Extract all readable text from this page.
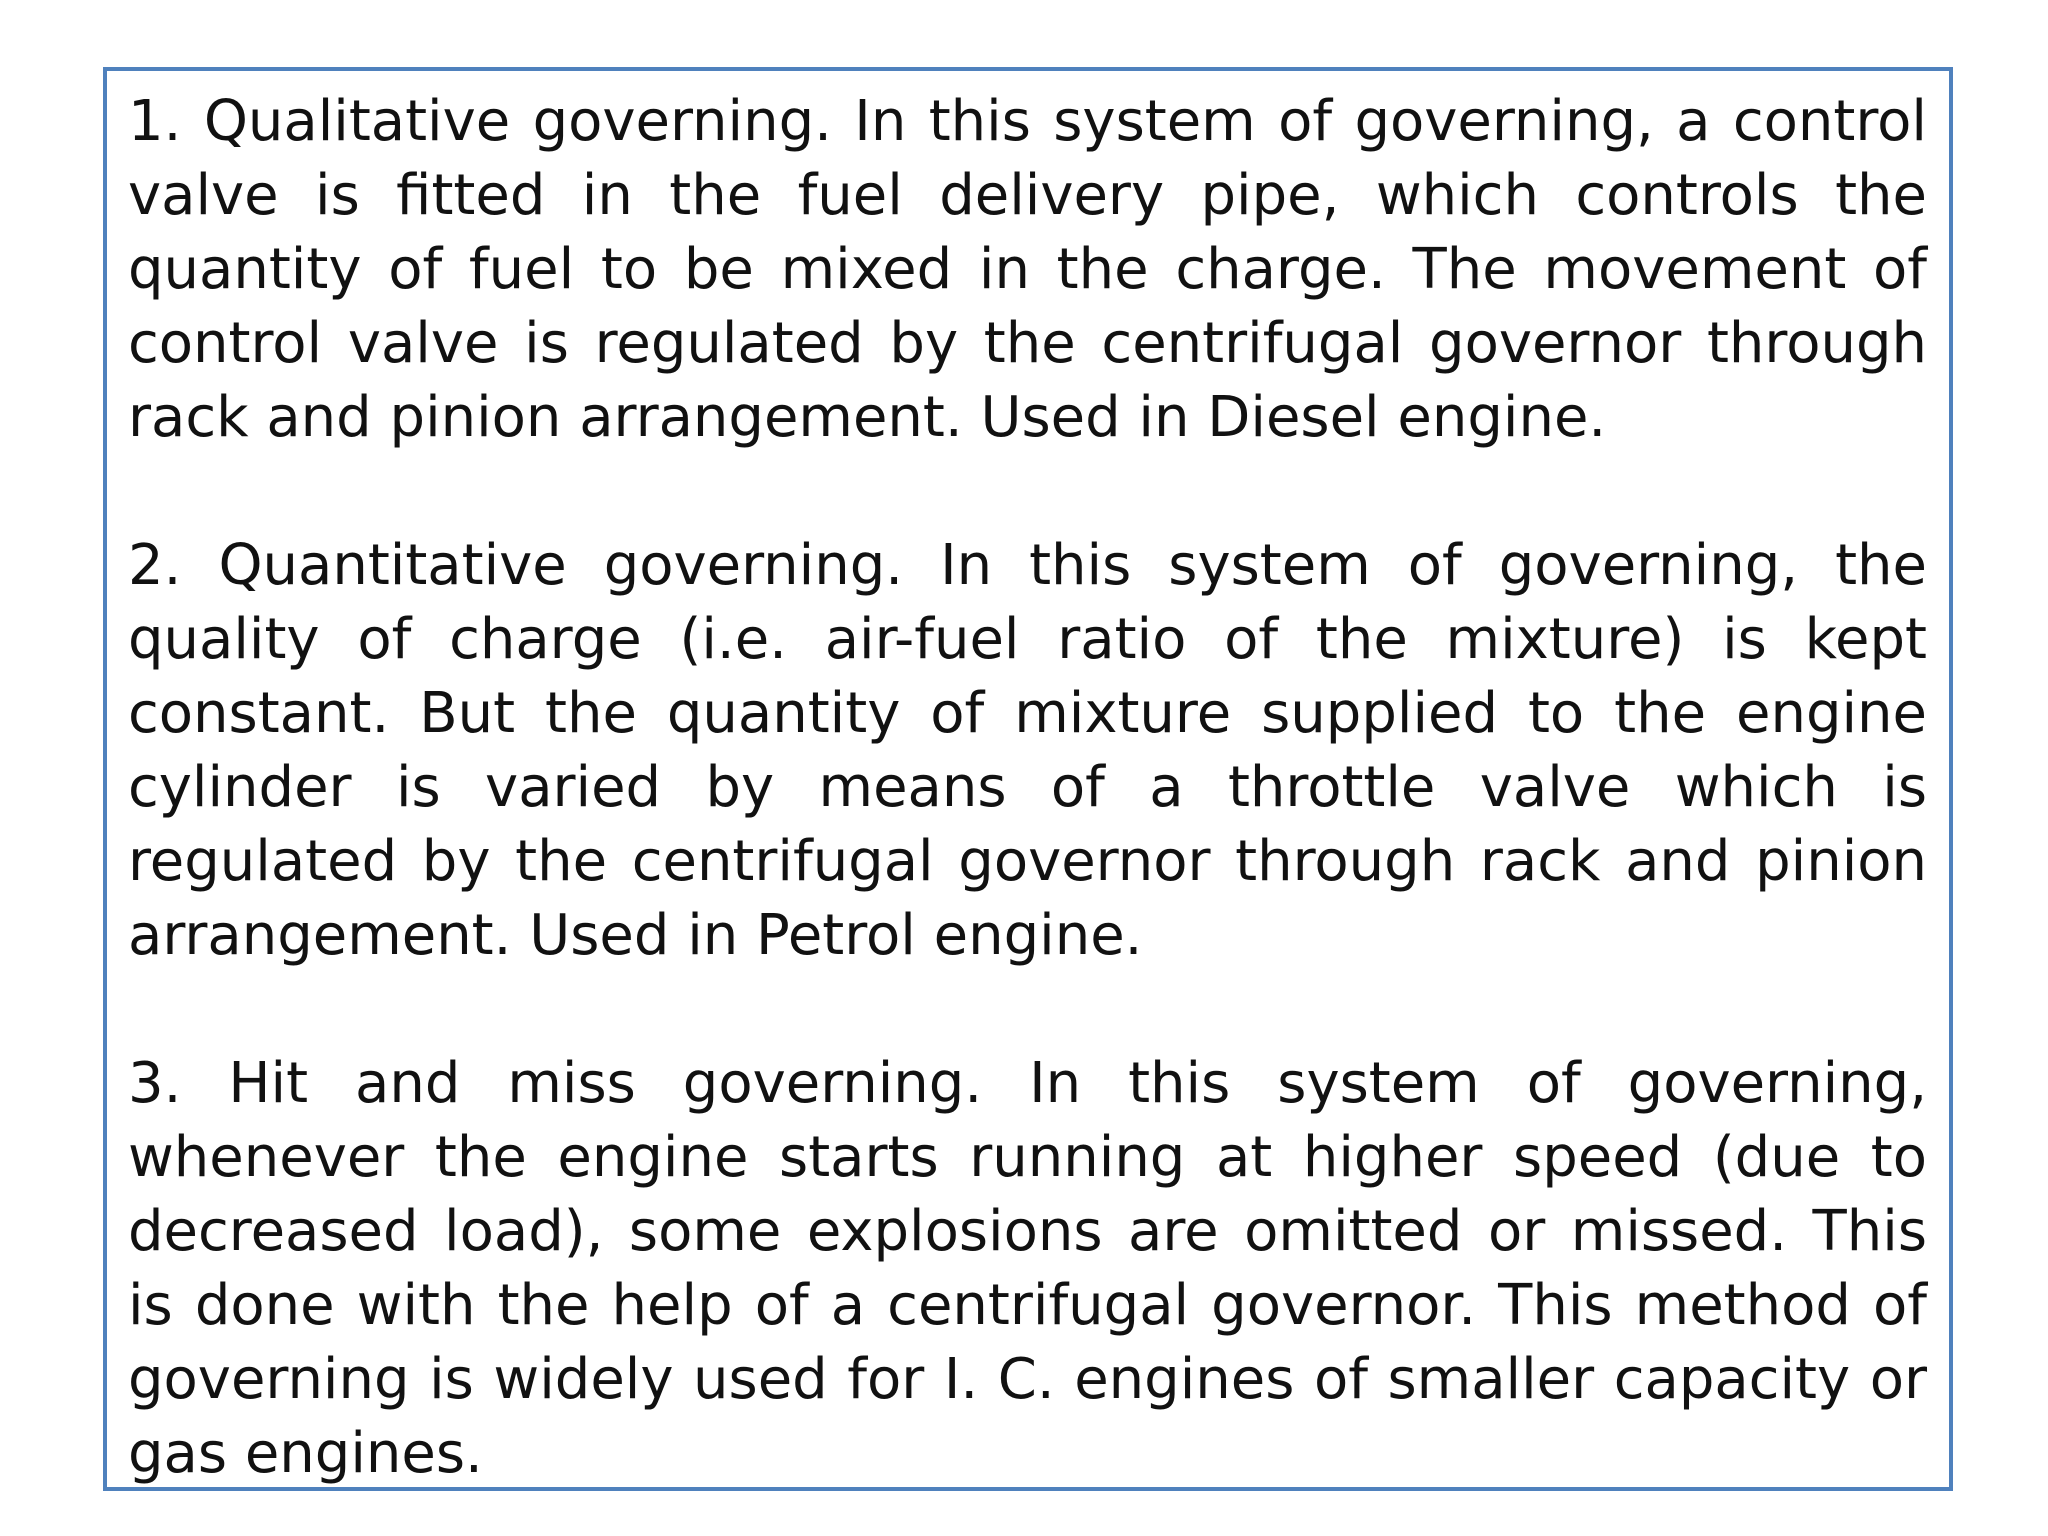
1. Qualitative governing. In this system of governing, a control valve is fitted in the fuel delivery pipe, which controls the quantity of fuel to be mixed in the charge. The movement of control valve is regulated by the centrifugal governor through rack and pinion arrangement. Used in Diesel engine.

2. Quantitative governing. In this system of governing, the quality of charge (i.e. air-fuel ratio of the mixture) is kept constant. But the quantity of mixture supplied to the engine cylinder is varied by means of a throttle valve which is regulated by the centrifugal governor through rack and pinion arrangement. Used in Petrol engine.

3. Hit and miss governing. In this system of governing, whenever the engine starts running at higher speed (due to decreased load), some explosions are omitted or missed. This is done with the help of a centrifugal governor. This method of governing is widely used for I. C. engines of smaller capacity or gas engines.
